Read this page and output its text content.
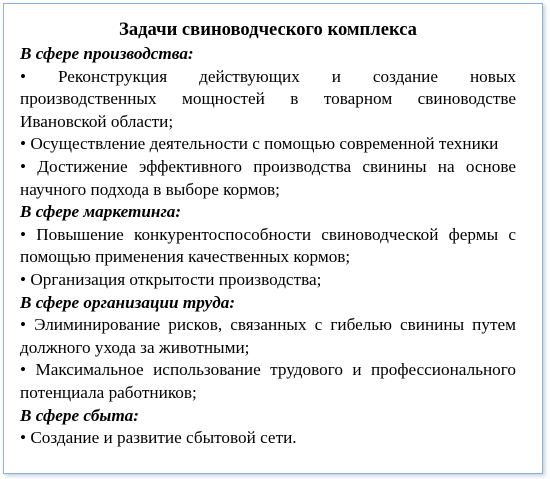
Задачи свиноводческого комплекса
В сфере производства:
• Реконструкция действующих и создание новых производственных мощностей в товарном свиноводстве Ивановской области;
• Осуществление деятельности с помощью современной техники
• Достижение эффективного производства свинины на основе научного подхода в выборе кормов;
В сфере маркетинга:
• Повышение конкурентоспособности свиноводческой фермы с помощью применения качественных кормов;
• Организация открытости производства;
В сфере организации труда:
• Элиминирование рисков, связанных с гибелью свинины путем должного ухода за животными;
• Максимальное использование трудового и профессионального потенциала работников;
В сфере сбыта:
• Создание и развитие сбытовой сети.
